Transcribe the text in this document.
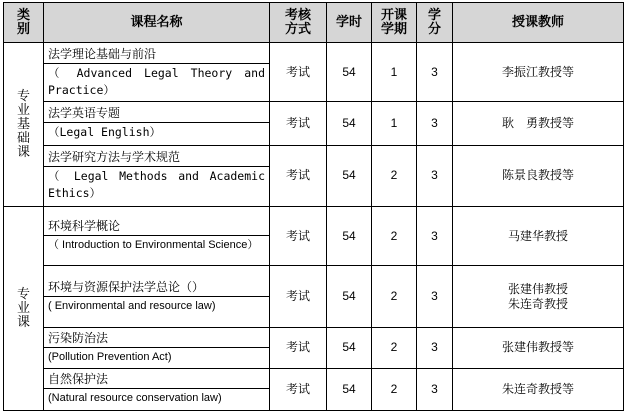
类别	课程名称	考核方式	学时	开课学期	学分	授课教师
专业基础课	法学理论基础与前沿
（ Advanced Legal Theory and Practice）	考试	54	1	3	李振江教授等

	法学英语专题
（Legal English）	考试	54	1	3	耿　勇教授等

	法学研究方法与学术规范
（ Legal Methods and Academic Ethics）	考试	54	2	3	陈景良教授等
专业课	环境科学概论
（ Introduction to Environmental Science）	考试	54	2	3	马建华教授

	环境与资源保护法学总论（）
( Environmental and resource law)	考试	54	2	3	张建伟教授
朱连奇教授

	污染防治法
(Pollution Prevention Act)	考试	54	2	3	张建伟教授等

	自然保护法
(Natural resource conservation law)	考试	54	2	3	朱连奇教授等
